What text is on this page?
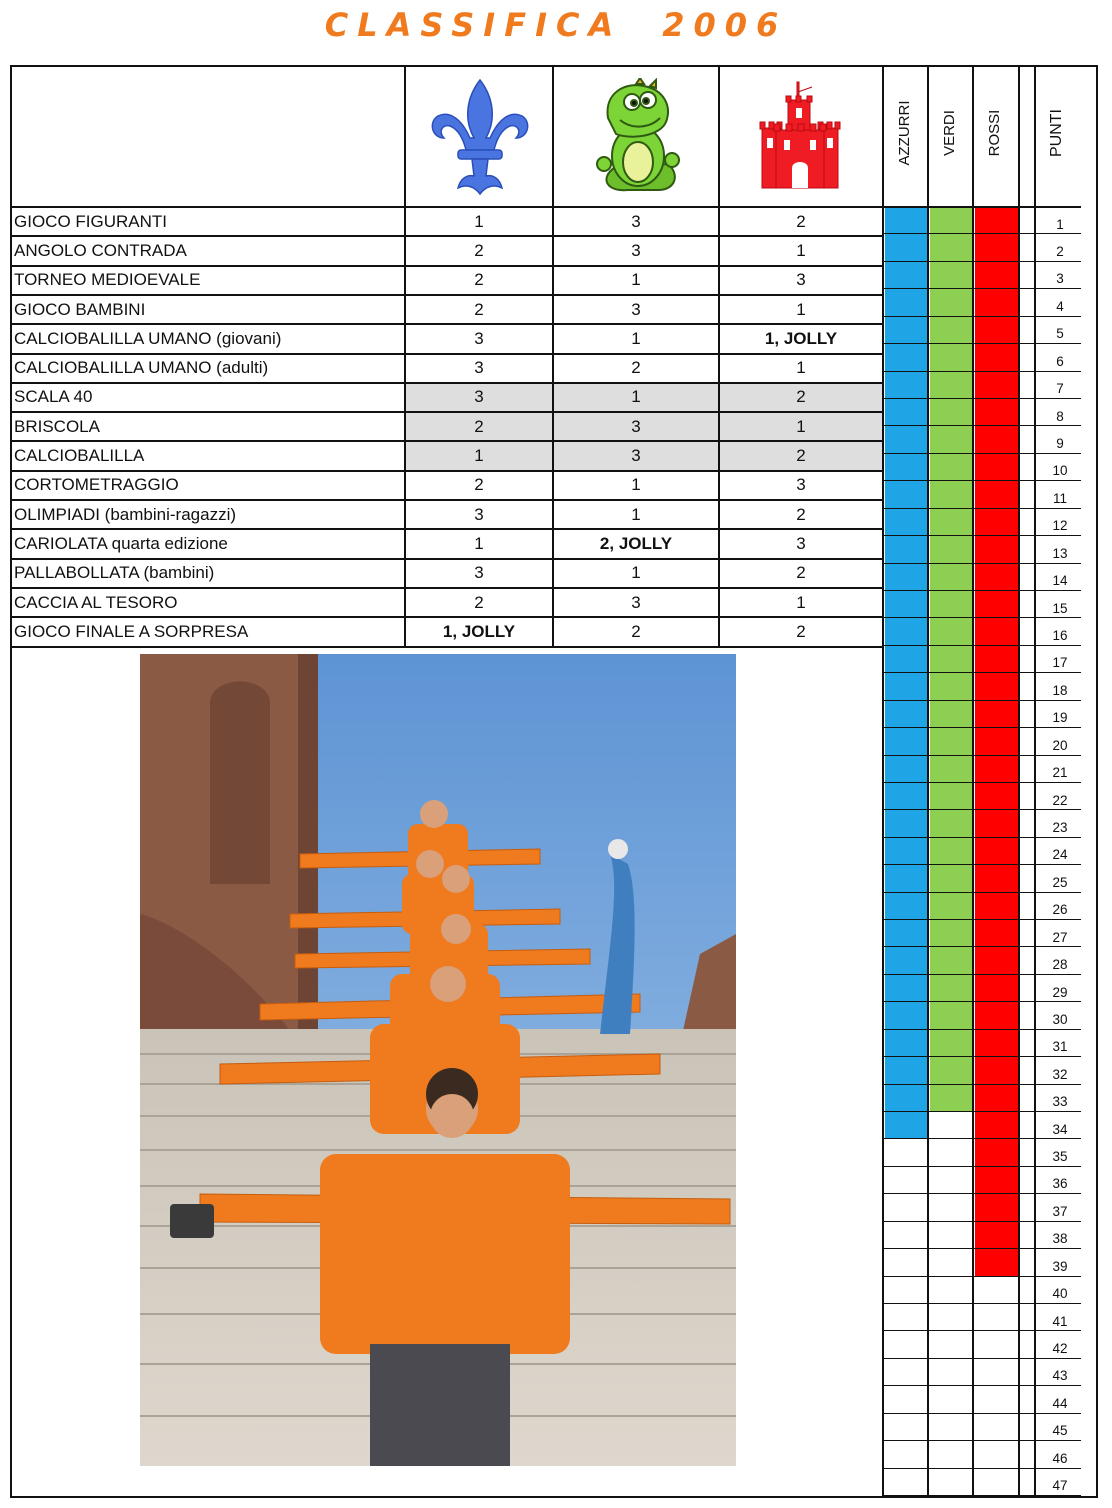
CLASSIFICA 2006
GIOCO FIGURANTI	1	3	2
ANGOLO CONTRADA	2	3	1
TORNEO MEDIOEVALE	2	1	3
GIOCO BAMBINI	2	3	1
CALCIOBALILLA UMANO (giovani)	3	1	1, JOLLY
CALCIOBALILLA UMANO (adulti)	3	2	1
SCALA 40	3	1	2
BRISCOLA	2	3	1
CALCIOBALILLA	1	3	2
CORTOMETRAGGIO	2	1	3
OLIMPIADI (bambini-ragazzi)	3	1	2
CARIOLATA quarta edizione	1	2, JOLLY	3
PALLABOLLATA (bambini)	3	1	2
CACCIA AL TESORO	2	3	1
GIOCO FINALE A SORPRESA	1, JOLLY	2	2
1
2
3
4
5
6
7
8
9
10
11
12
13
14
15
16
17
18
19
20
21
22
23
24
25
26
27
28
29
30
31
32
33
34
35
36
37
38
39
40
41
42
43
44
45
46
47
AZZURRI VERDI ROSSI	PUNTI
